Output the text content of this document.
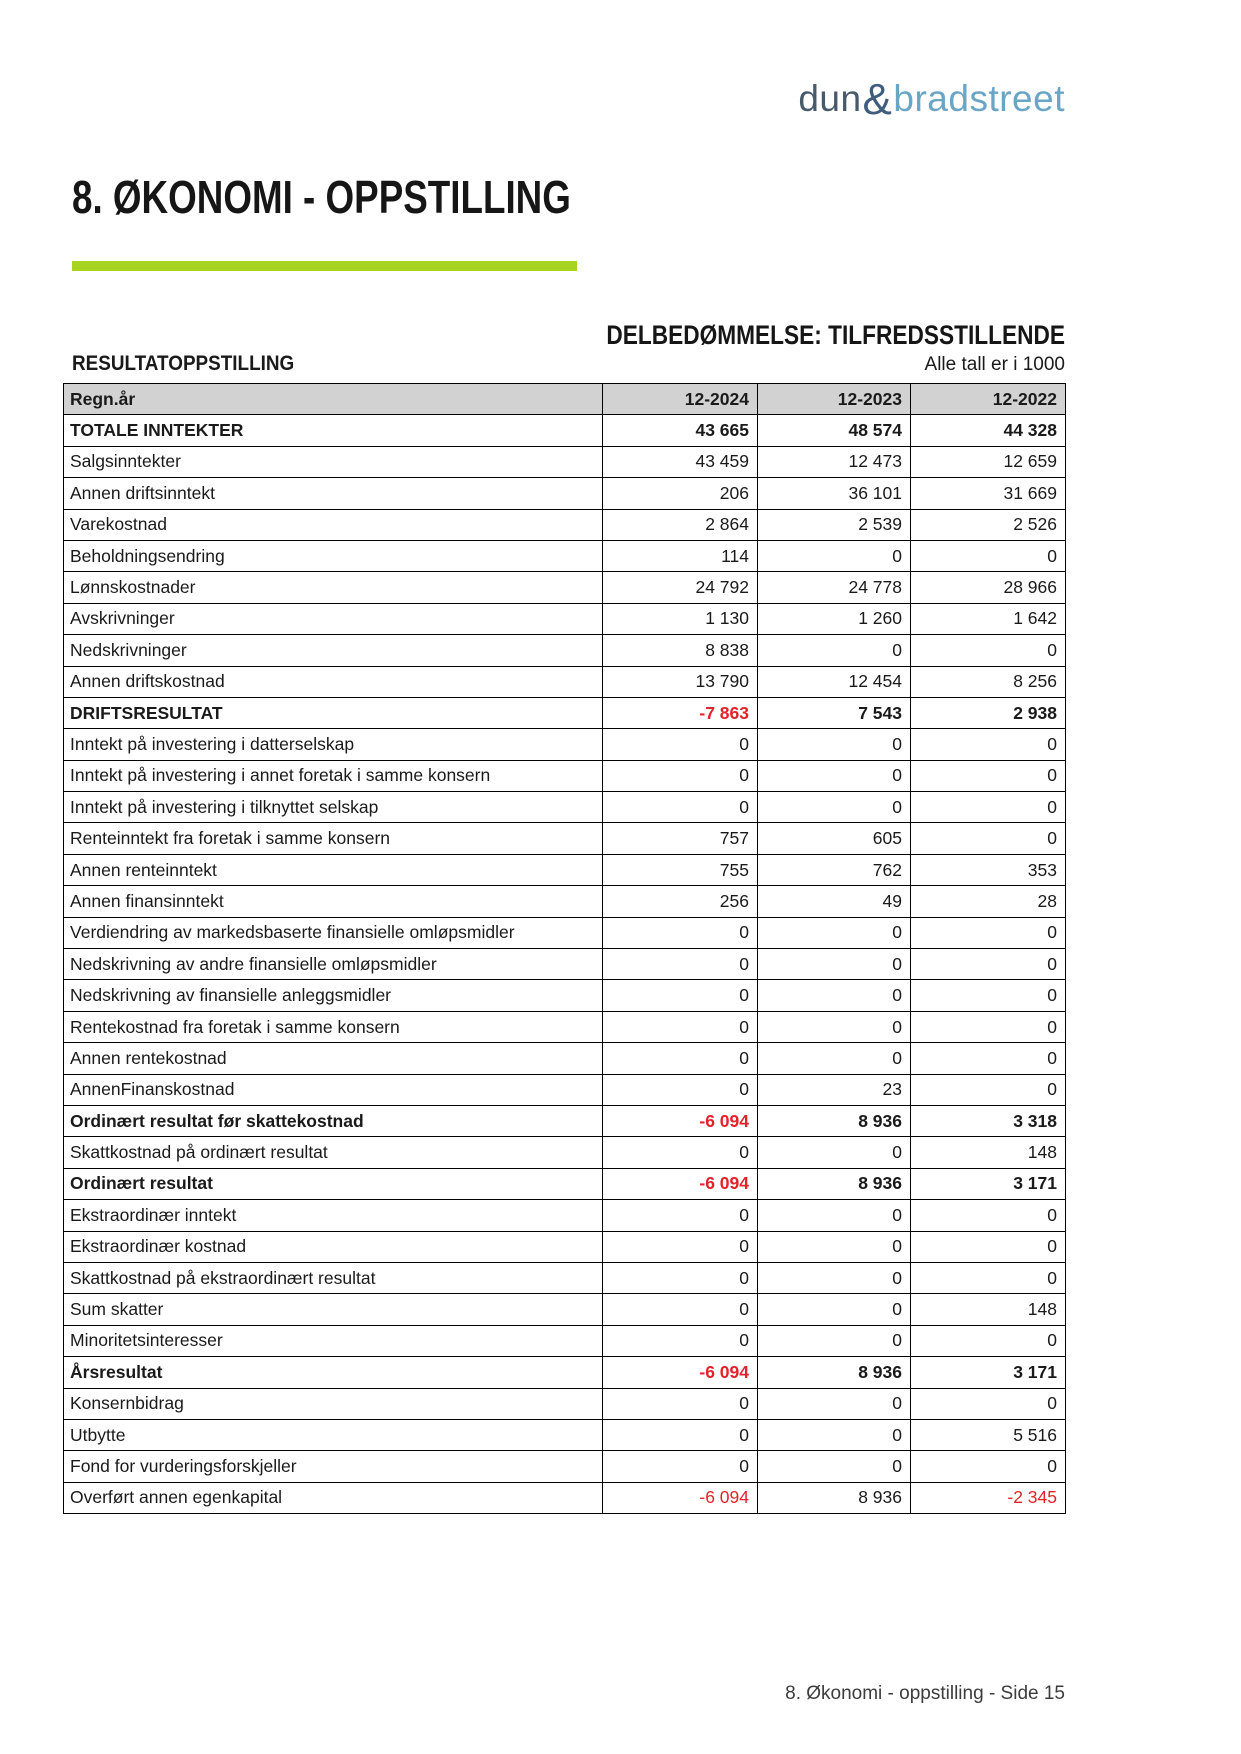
dun & bradstreet
8. ØKONOMI - OPPSTILLING
DELBEDØMMELSE: TILFREDSSTILLENDE
RESULTATOPPSTILLING	Alle tall er i 1000
Regn.år	12-2024	12-2023	12-2022
TOTALE INNTEKTER	43 665	48 574	44 328
Salgsinntekter	43 459	12 473	12 659
Annen driftsinntekt	206	36 101	31 669
Varekostnad	2 864	2 539	2 526
Beholdningsendring	114	0	0
Lønnskostnader	24 792	24 778	28 966
Avskrivninger	1 130	1 260	1 642
Nedskrivninger	8 838	0	0
Annen driftskostnad	13 790	12 454	8 256
DRIFTSRESULTAT	-7 863	7 543	2 938
Inntekt på investering i datterselskap	0	0	0
Inntekt på investering i annet foretak i samme konsern	0	0	0
Inntekt på investering i tilknyttet selskap	0	0	0
Renteinntekt fra foretak i samme konsern	757	605	0
Annen renteinntekt	755	762	353
Annen finansinntekt	256	49	28
Verdiendring av markedsbaserte finansielle omløpsmidler	0	0	0
Nedskrivning av andre finansielle omløpsmidler	0	0	0
Nedskrivning av finansielle anleggsmidler	0	0	0
Rentekostnad fra foretak i samme konsern	0	0	0
Annen rentekostnad	0	0	0
AnnenFinanskostnad	0	23	0
Ordinært resultat før skattekostnad	-6 094	8 936	3 318
Skattkostnad på ordinært resultat	0	0	148
Ordinært resultat	-6 094	8 936	3 171
Ekstraordinær inntekt	0	0	0
Ekstraordinær kostnad	0	0	0
Skattkostnad på ekstraordinært resultat	0	0	0
Sum skatter	0	0	148
Minoritetsinteresser	0	0	0
Årsresultat	-6 094	8 936	3 171
Konsernbidrag	0	0	0
Utbytte	0	0	5 516
Fond for vurderingsforskjeller	0	0	0
Overført annen egenkapital	-6 094	8 936	-2 345
8. Økonomi - oppstilling - Side 15
